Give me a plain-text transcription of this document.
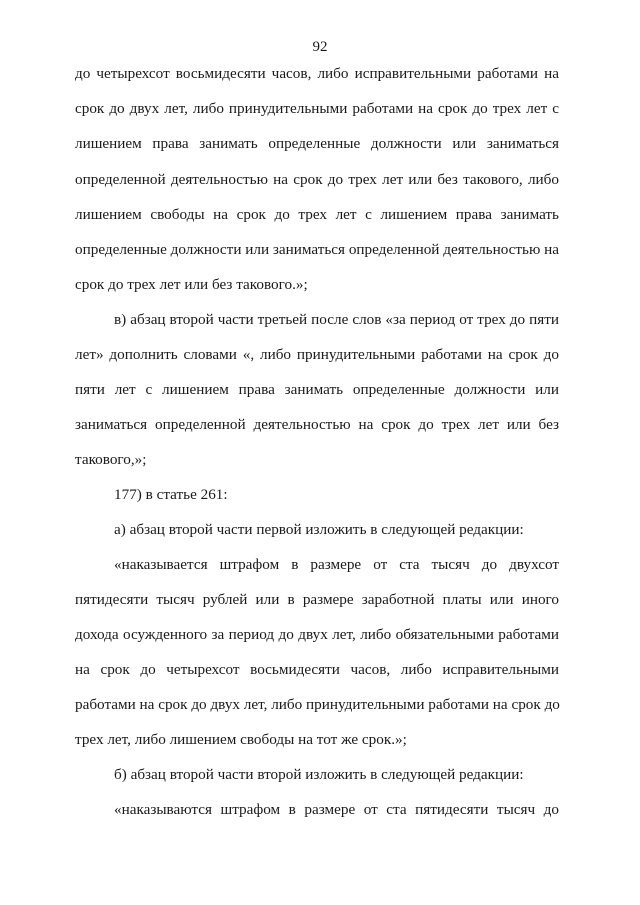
92
до четырехсот восьмидесяти часов, либо исправительными работами на
срок до двух лет, либо принудительными работами на срок до трех лет с
лишением права занимать определенные должности или заниматься
определенной деятельностью на срок до трех лет или без такового, либо
лишением свободы на срок до трех лет с лишением права занимать
определенные должности или заниматься определенной деятельностью на
срок до трех лет или без такового.»;
в) абзац второй части третьей после слов «за период от трех до пяти
лет» дополнить словами «, либо принудительными работами на срок до
пяти лет с лишением права занимать определенные должности или
заниматься определенной деятельностью на срок до трех лет или без
такового,»;
177) в статье 261:
а) абзац второй части первой изложить в следующей редакции:
«наказывается штрафом в размере от ста тысяч до двухсот
пятидесяти тысяч рублей или в размере заработной платы или иного
дохода осужденного за период до двух лет, либо обязательными работами
на срок до четырехсот восьмидесяти часов, либо исправительными
работами на срок до двух лет, либо принудительными работами на срок до
трех лет, либо лишением свободы на тот же срок.»;
б) абзац второй части второй изложить в следующей редакции:
«наказываются штрафом в размере от ста пятидесяти тысяч до
